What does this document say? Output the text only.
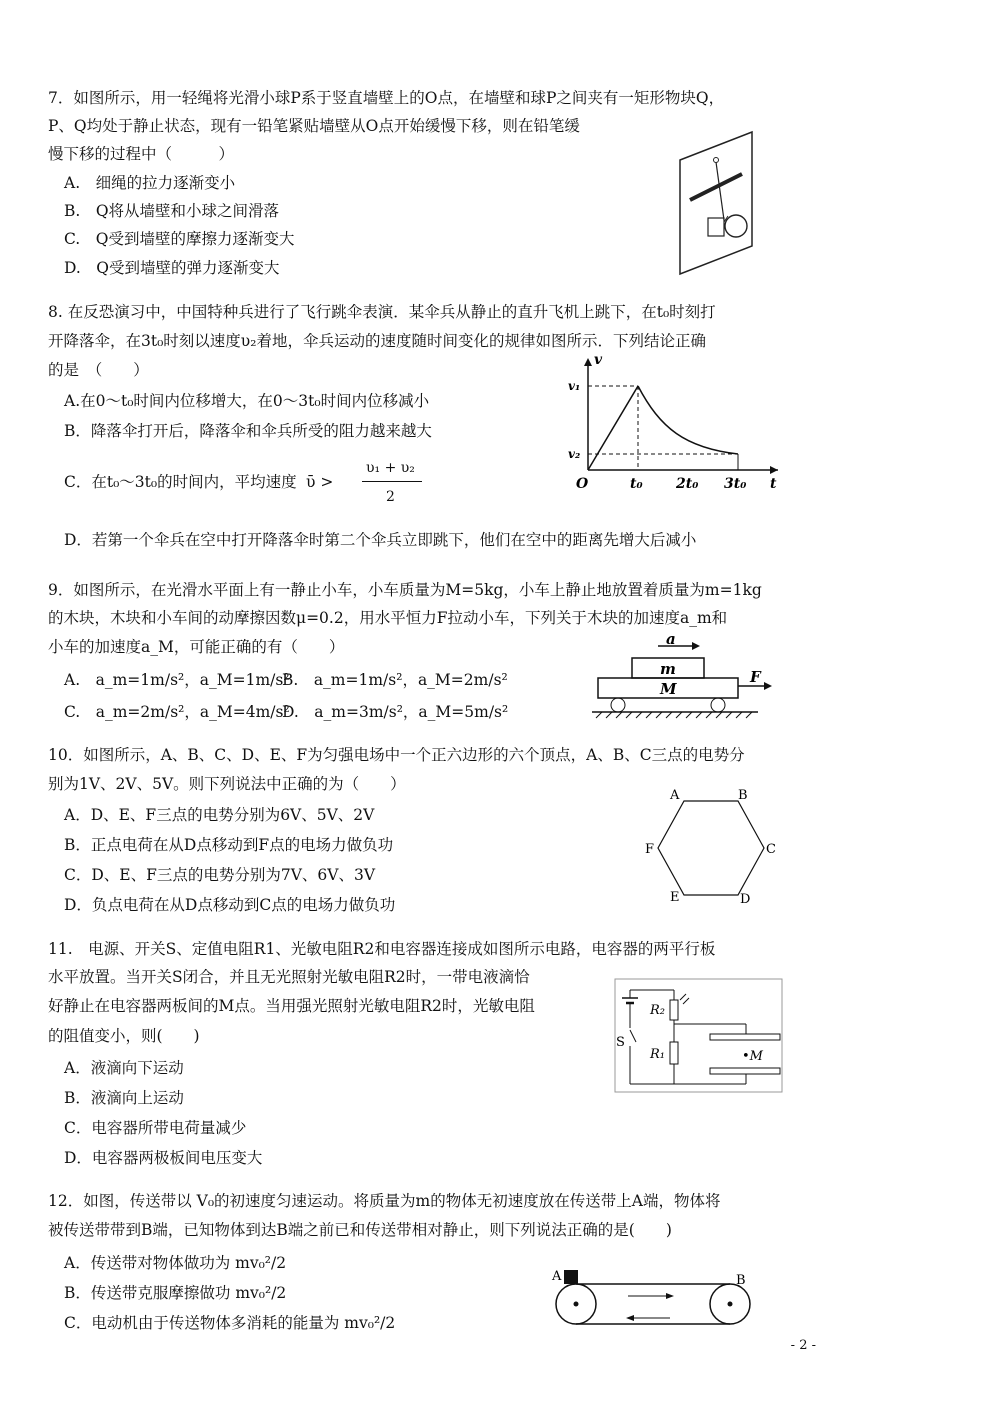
7．如图所示，用一轻绳将光滑小球P系于竖直墙壁上的O点，在墙壁和球P之间夹有一矩形物块Q，
P、Q均处于静止状态，现有一铅笔紧贴墙壁从O点开始缓慢下移，则在铅笔缓
慢下移的过程中（　　　）
A.　细绳的拉力逐渐变小
B.　Q将从墙壁和小球之间滑落
C.　Q受到墙壁的摩擦力逐渐变大
D.　Q受到墙壁的弹力逐渐变大
8. 在反恐演习中，中国特种兵进行了飞行跳伞表演．某伞兵从静止的直升飞机上跳下，在t₀时刻打
开降落伞，在3t₀时刻以速度υ₂着地，伞兵运动的速度随时间变化的规律如图所示．下列结论正确
的是　（　　）
A.在0～t₀时间内位移增大，在0～3t₀时间内位移减小
B．降落伞打开后，降落伞和伞兵所受的阻力越来越大
C．在t₀～3t₀的时间内，平均速度 ῡ >
υ₁ + υ₂
2
D．若第一个伞兵在空中打开降落伞时第二个伞兵立即跳下，他们在空中的距离先增大后减小
v
v₁
v₂
O	t₀ 2t₀ 3t₀ t
9．如图所示，在光滑水平面上有一静止小车，小车质量为M=5kg，小车上静止地放置着质量为m=1kg
的木块，木块和小车间的动摩擦因数μ=0.2，用水平恒力F拉动小车，下列关于木块的加速度a_m和
小车的加速度a_M，可能正确的有（　　）
A.　a_m=1m/s²，a_M=1m/s²
B.　a_m=1m/s²，a_M=2m/s²
C.　a_m=2m/s²，a_M=4m/s²
D.　a_m=3m/s²，a_M=5m/s²
a
m
M
F
10．如图所示，A、B、C、D、E、F为匀强电场中一个正六边形的六个顶点，A、B、C三点的电势分
别为1V、2V、5V。则下列说法中正确的为（　　）
A．D、E、F三点的电势分别为6V、5V、2V
B．正点电荷在从D点移动到F点的电场力做负功
C．D、E、F三点的电势分别为7V、6V、3V
D．负点电荷在从D点移动到C点的电场力做负功
A	B
C
D
E
F
11.　电源、开关S、定值电阻R1、光敏电阻R2和电容器连接成如图所示电路，电容器的两平行板
水平放置。当开关S闭合，并且无光照射光敏电阻R2时，一带电液滴恰
好静止在电容器两板间的M点。当用强光照射光敏电阻R2时，光敏电阻
的阻值变小，则(　　)
A．液滴向下运动
B．液滴向上运动
C．电容器所带电荷量减少
D．电容器两极板间电压变大
R₂
R₁
S
•M
12．如图，传送带以 V₀的初速度匀速运动。将质量为m的物体无初速度放在传送带上A端，物体将
被传送带带到B端，已知物体到达B端之前已和传送带相对静止，则下列说法正确的是(　　)
A．传送带对物体做功为 mv₀²/2
B．传送带克服摩擦做功 mv₀²/2
C．电动机由于传送物体多消耗的能量为 mv₀²/2
A	B
- 2 -
